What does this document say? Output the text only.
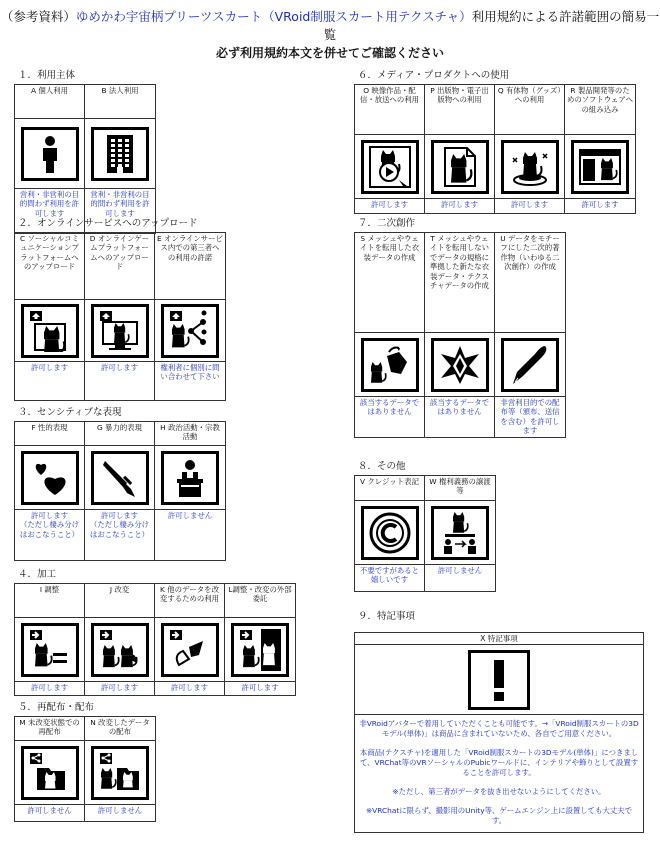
（参考資料）ゆめかわ宇宙柄プリーツスカート（VRoid制服スカート用テクスチャ）利用規約による許諾範囲の簡易一覧
必ず利用規約本文を併せてご確認ください
１．利用主体
A 個人利用
営利・非営利の目的問わず利用を許可します
B 法人利用
営利・非営利の目的問わず利用を許可します
２．オンラインサービスへのアップロード
C ソーシャルコミュニケーションプラットフォームへのアップロード
許可します
D オンラインゲームプラットフォームへのアップロード
許可します
E オンラインサービス内での第三者への利用の許諾
権利者に個別に問い合わせて下さい
３．センシティブな表現
F 性的表現
許可します
（ただし棲み分けはおこなうこと）
G 暴力的表現
許可します
（ただし棲み分けはおこなうこと）
H 政治活動・宗教活動
許可しません
４．加工
I 調整
許可します
J 改変
許可します
K 他のデータを改変するための利用
許可します
L調整・改変の外部委託
許可します
５．再配布・配布
M 未改変状態での再配布
許可しません
N 改変したデータの配布
許可しません
６．メディア・プロダクトへの使用
O 映像作品・配信・放送への利用
許可します
P 出版物・電子出版物への利用
許可します
Q 有体物（グッズ）への利用
許可します
R 製品開発等のためのソフトウェアへの組み込み
許可します
７．二次創作
S メッシュやウェイトを転用した衣装データの作成
該当するデータではありません
T メッシュやウェイトを転用しないでデータの規格に準拠した新たな衣装データ・テクスチャデータの作成
該当するデータではありません
U データをモチーフにした二次的著作物（いわゆる二次創作）の作成
非営利目的での配布等（頒布、送信を含む）を許可します
８．その他
V クレジット表記
不要ですがあると嬉しいです
W 権利義務の譲渡等
許可しません
９．特記事項
X 特記事項

非VRoidアバターで着用していただくことも可能です。→「VRoid制服スカートの3Dモデル(単体)」は商品に含まれていないため、各自でご用意ください。

本商品(テクスチャ)を適用した「VRoid制服スカートの3Dモデル(単体)」につきまして、VRChat等のVRソーシャルのPubicワールドに、インテリアや飾りとして設置することを許可します。

※ただし、第三者がデータを抜き出せないようにしてください。

※VRChatに限らず、撮影用のUnity等、ゲームエンジン上に設置しても大丈夫です。
